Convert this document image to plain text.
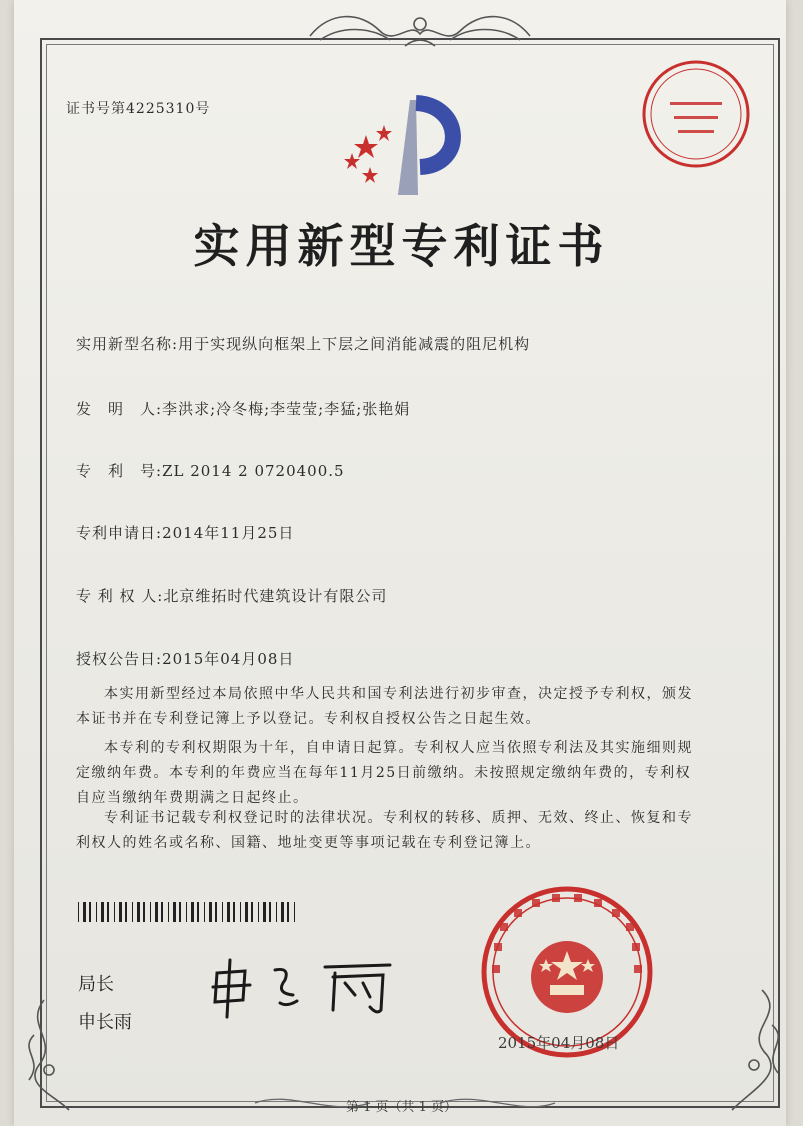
证书号第4225310号

实用新型专利证书

实用新型名称:用于实现纵向框架上下层之间消能减震的阻尼机构

发　明　人:李洪求;冷冬梅;李莹莹;李猛;张艳娟

专　利　号:ZL 2014 2 0720400.5

专利申请日:2014年11月25日

专 利 权 人:北京维拓时代建筑设计有限公司

授权公告日:2015年04月08日

本实用新型经过本局依照中华人民共和国专利法进行初步审查，决定授予专利权，颁发本证书并在专利登记簿上予以登记。专利权自授权公告之日起生效。

本专利的专利权期限为十年，自申请日起算。专利权人应当依照专利法及其实施细则规定缴纳年费。本专利的年费应当在每年11月25日前缴纳。未按照规定缴纳年费的，专利权自应当缴纳年费期满之日起终止。

专利证书记载专利权登记时的法律状况。专利权的转移、质押、无效、终止、恢复和专利权人的姓名或名称、国籍、地址变更等事项记载在专利登记簿上。

局长

申长雨

2015年04月08日

第 1 页（共 1 页）
